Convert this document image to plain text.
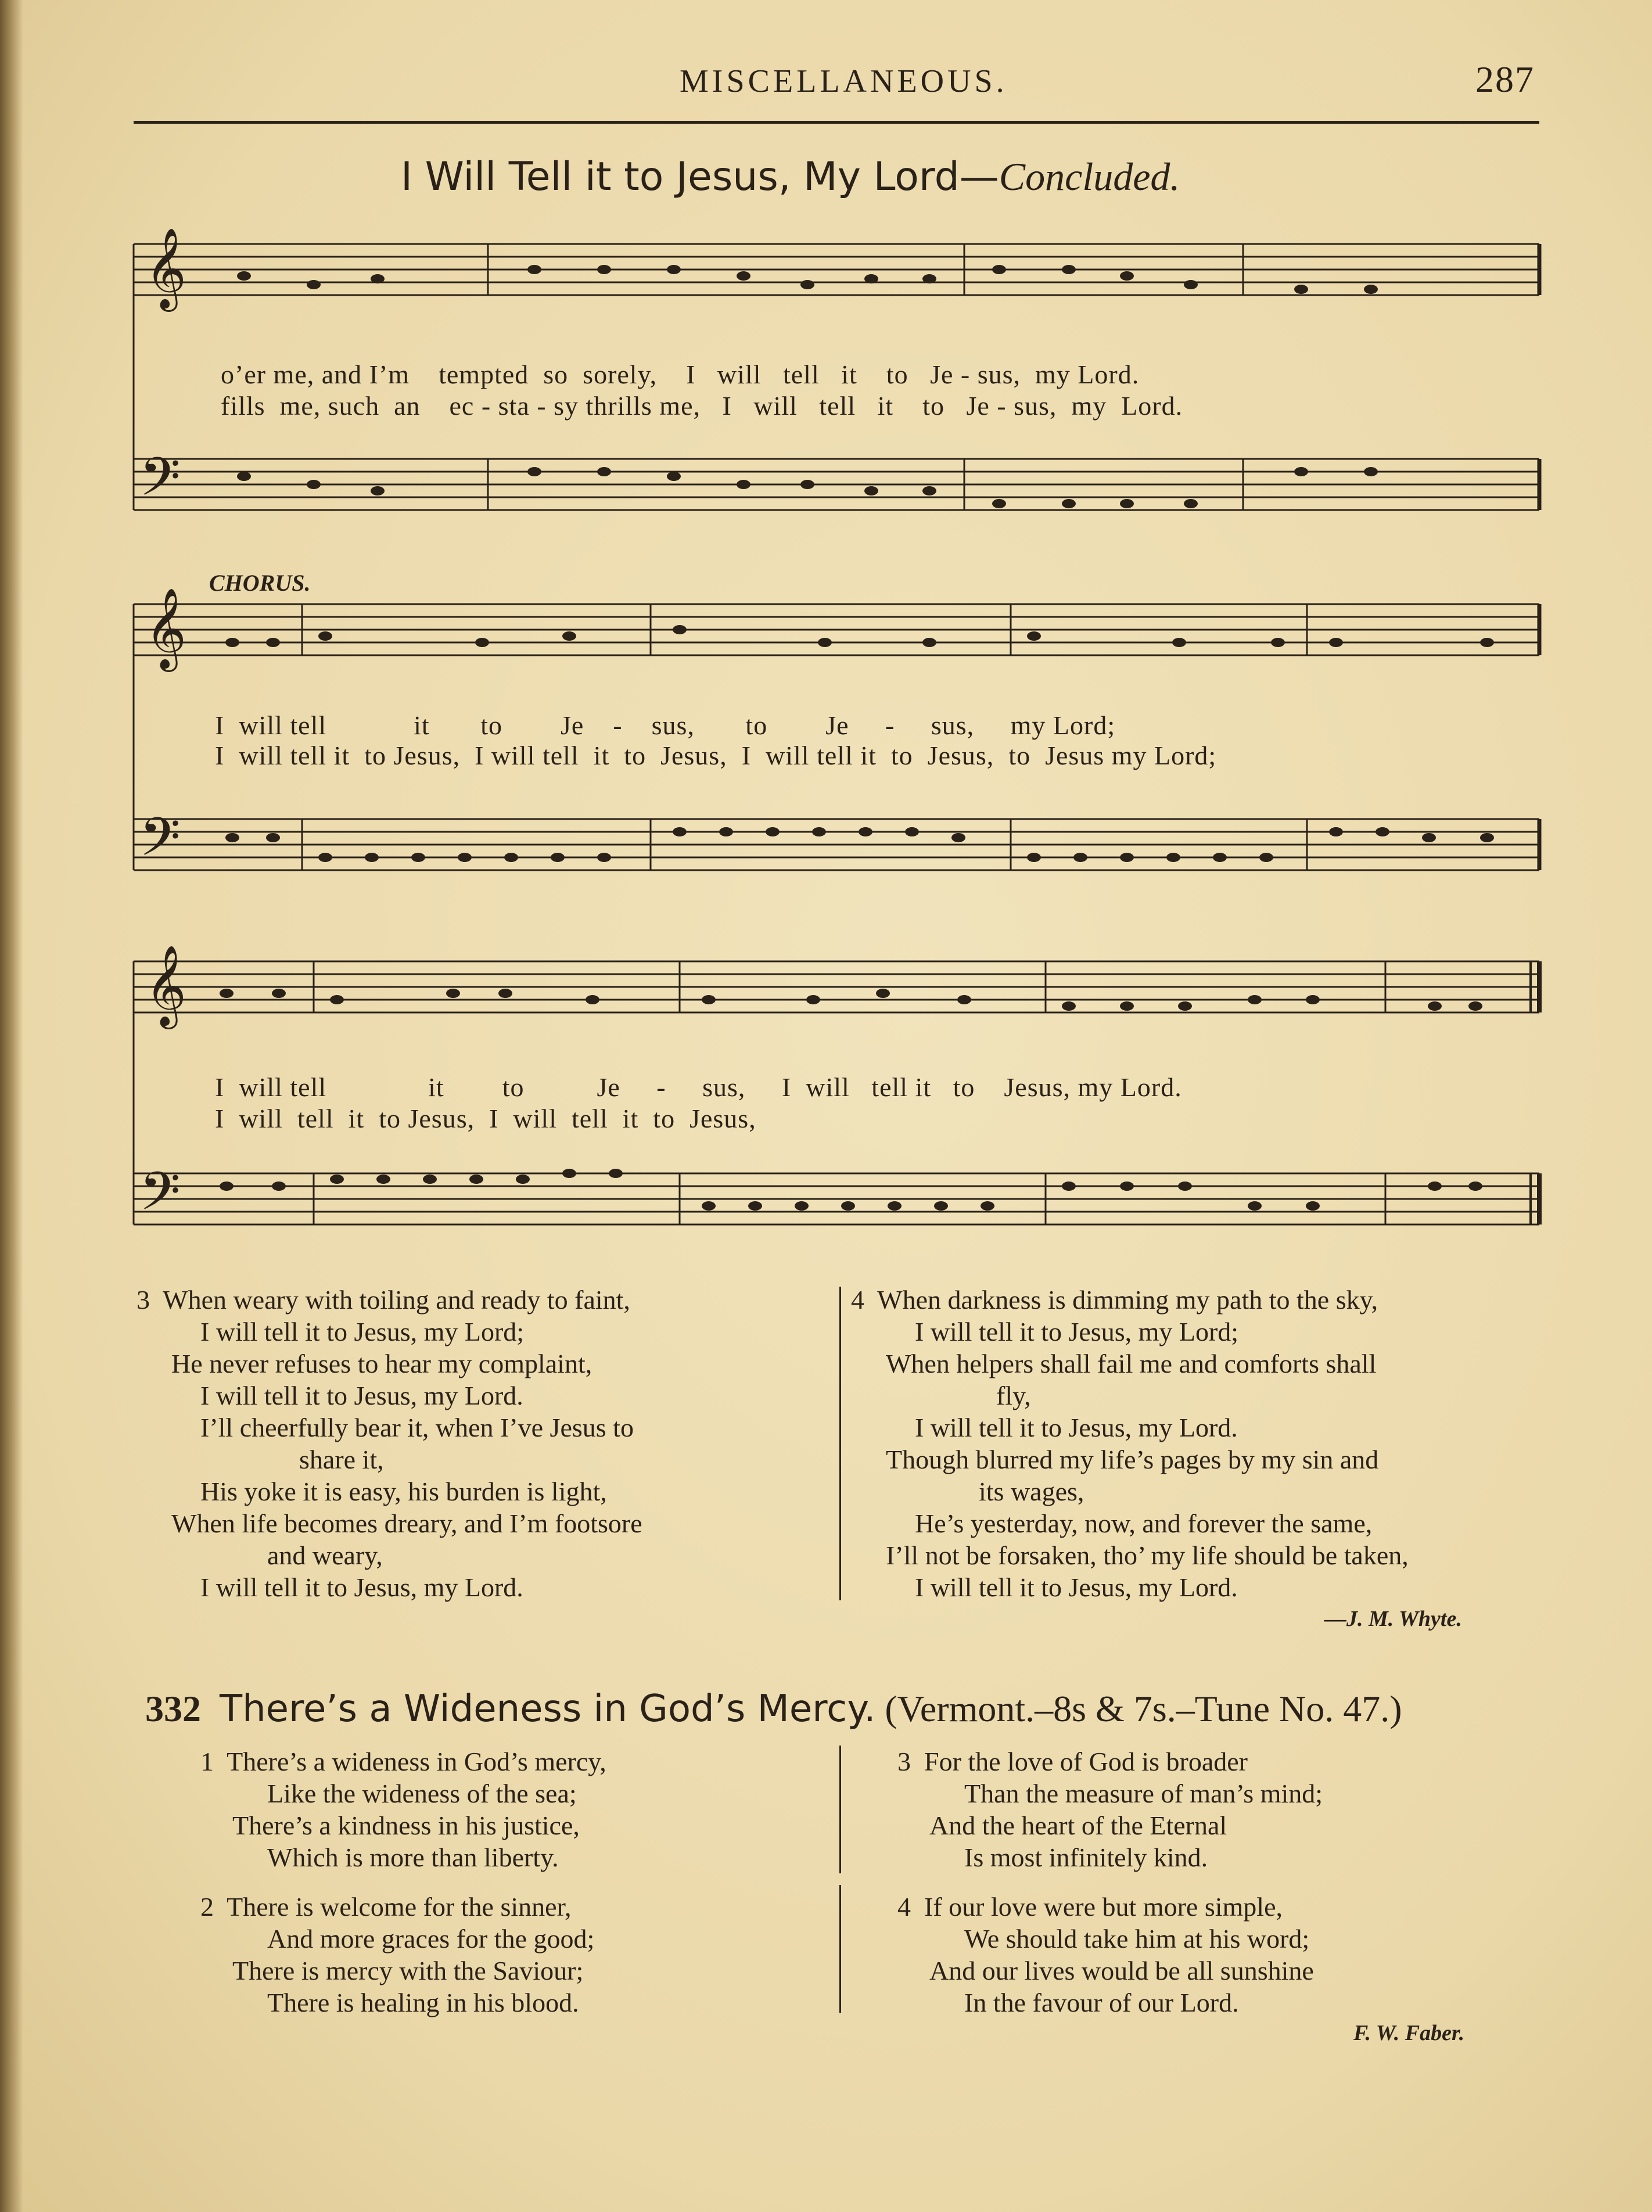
MISCELLANEOUS.	287
I Will Tell it to Jesus, My Lord—Concluded.
𝄞
𝄢
o’er me, and I’m    tempted  so  sorely,    I   will   tell   it    to   Je - sus,  my Lord.
fills  me, such  an    ec - sta - sy thrills me,   I   will   tell   it    to   Je - sus,  my  Lord.
CHORUS.
𝄞
𝄢
I  will tell            it       to        Je    -    sus,       to        Je     -     sus,     my Lord;
I  will tell it  to Jesus,  I will tell  it  to  Jesus,  I  will tell it  to  Jesus,  to  Jesus my Lord;
𝄞
𝄢
I  will tell              it        to          Je     -     sus,     I  will   tell it   to    Jesus, my Lord.
I  will  tell  it  to Jesus,  I  will  tell  it  to  Jesus,
3  When weary with toiling and ready to faint,
I will tell it to Jesus, my Lord;
He never refuses to hear my complaint,
I will tell it to Jesus, my Lord.
I’ll cheerfully bear it, when I’ve Jesus to
share it,
His yoke it is easy, his burden is light,
When life becomes dreary, and I’m footsore
and weary,
I will tell it to Jesus, my Lord.
4  When darkness is dimming my path to the sky,
I will tell it to Jesus, my Lord;
When helpers shall fail me and comforts shall
fly,
I will tell it to Jesus, my Lord.
Though blurred my life’s pages by my sin and
its wages,
He’s yesterday, now, and forever the same,
I’ll not be forsaken, tho’ my life should be taken,
I will tell it to Jesus, my Lord.
—J. M. Whyte.
332 There’s a Wideness in God’s Mercy. (Vermont.–8s & 7s.–Tune No. 47.)
1  There’s a wideness in God’s mercy,
Like the wideness of the sea;
There’s a kindness in his justice,
Which is more than liberty.
2  There is welcome for the sinner,
And more graces for the good;
There is mercy with the Saviour;
There is healing in his blood.
3  For the love of God is broader
Than the measure of man’s mind;
And the heart of the Eternal
Is most infinitely kind.
4  If our love were but more simple,
We should take him at his word;
And our lives would be all sunshine
In the favour of our Lord.
F. W. Faber.
